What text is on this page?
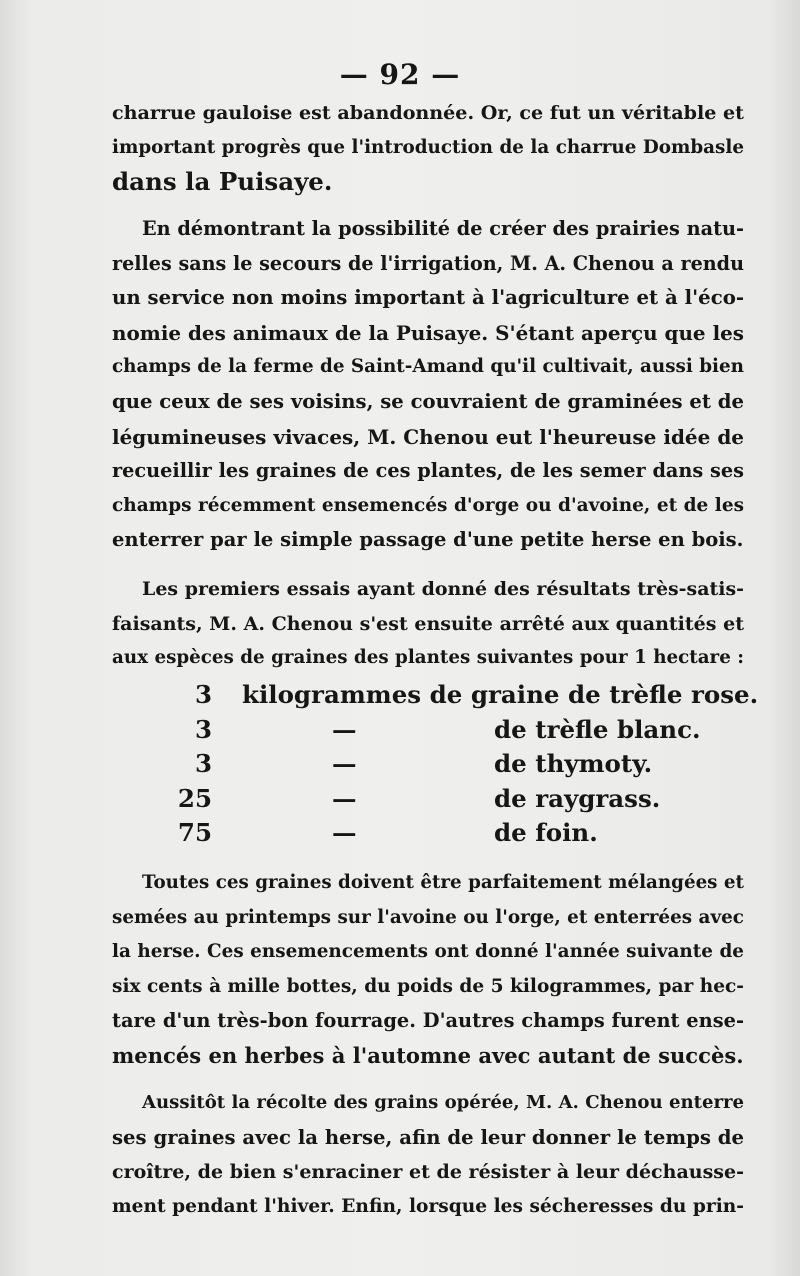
— 92 —
charrue gauloise est abandonnée. Or, ce fut un véritable et
important progrès que l'introduction de la charrue Dombasle
dans la Puisaye.
En démontrant la possibilité de créer des prairies natu-
relles sans le secours de l'irrigation, M. A. Chenou a rendu
un service non moins important à l'agriculture et à l'éco-
nomie des animaux de la Puisaye. S'étant aperçu que les
champs de la ferme de Saint-Amand qu'il cultivait, aussi bien
que ceux de ses voisins, se couvraient de graminées et de
légumineuses vivaces, M. Chenou eut l'heureuse idée de
recueillir les graines de ces plantes, de les semer dans ses
champs récemment ensemencés d'orge ou d'avoine, et de les
enterrer par le simple passage d'une petite herse en bois.
Les premiers essais ayant donné des résultats très-satis-
faisants, M. A. Chenou s'est ensuite arrêté aux quantités et
aux espèces de graines des plantes suivantes pour 1 hectare :
3 kilogrammes de graine de trèfle rose.
3	—	de trèfle blanc.
3	—	de thymoty.
25	—	de raygrass.
75	—	de foin.
Toutes ces graines doivent être parfaitement mélangées et
semées au printemps sur l'avoine ou l'orge, et enterrées avec
la herse. Ces ensemencements ont donné l'année suivante de
six cents à mille bottes, du poids de 5 kilogrammes, par hec-
tare d'un très-bon fourrage. D'autres champs furent ense-
mencés en herbes à l'automne avec autant de succès.
Aussitôt la récolte des grains opérée, M. A. Chenou enterre
ses graines avec la herse, afin de leur donner le temps de
croître, de bien s'enraciner et de résister à leur déchausse-
ment pendant l'hiver. Enfin, lorsque les sécheresses du prin-
